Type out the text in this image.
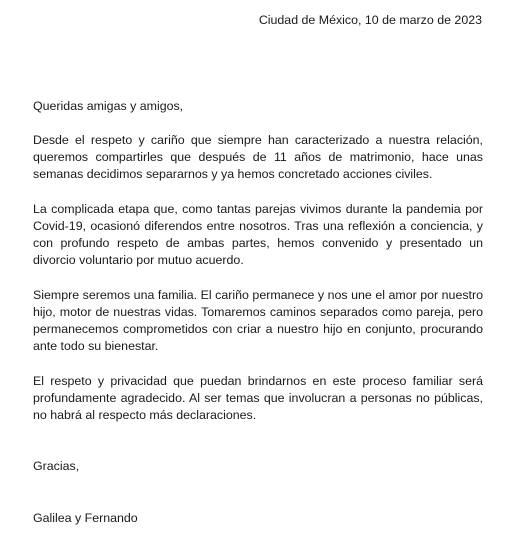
Ciudad de México, 10 de marzo de 2023
Queridas amigas y amigos,

Desde el respeto y cariño que siempre han caracterizado a nuestra relación, queremos compartirles que después de 11 años de matrimonio, hace unas semanas decidimos separarnos y ya hemos concretado acciones civiles.

La complicada etapa que, como tantas parejas vivimos durante la pandemia por Covid-19, ocasionó diferendos entre nosotros. Tras una reflexión a conciencia, y con profundo respeto de ambas partes, hemos convenido y presentado un divorcio voluntario por mutuo acuerdo.

Siempre seremos una familia. El cariño permanece y nos une el amor por nuestro hijo, motor de nuestras vidas. Tomaremos caminos separados como pareja, pero permanecemos comprometidos con criar a nuestro hijo en conjunto, procurando ante todo su bienestar.

El respeto y privacidad que puedan brindarnos en este proceso familiar será profundamente agradecido. Al ser temas que involucran a personas no públicas, no habrá al respecto más declaraciones.

Gracias,
Galilea y Fernando
